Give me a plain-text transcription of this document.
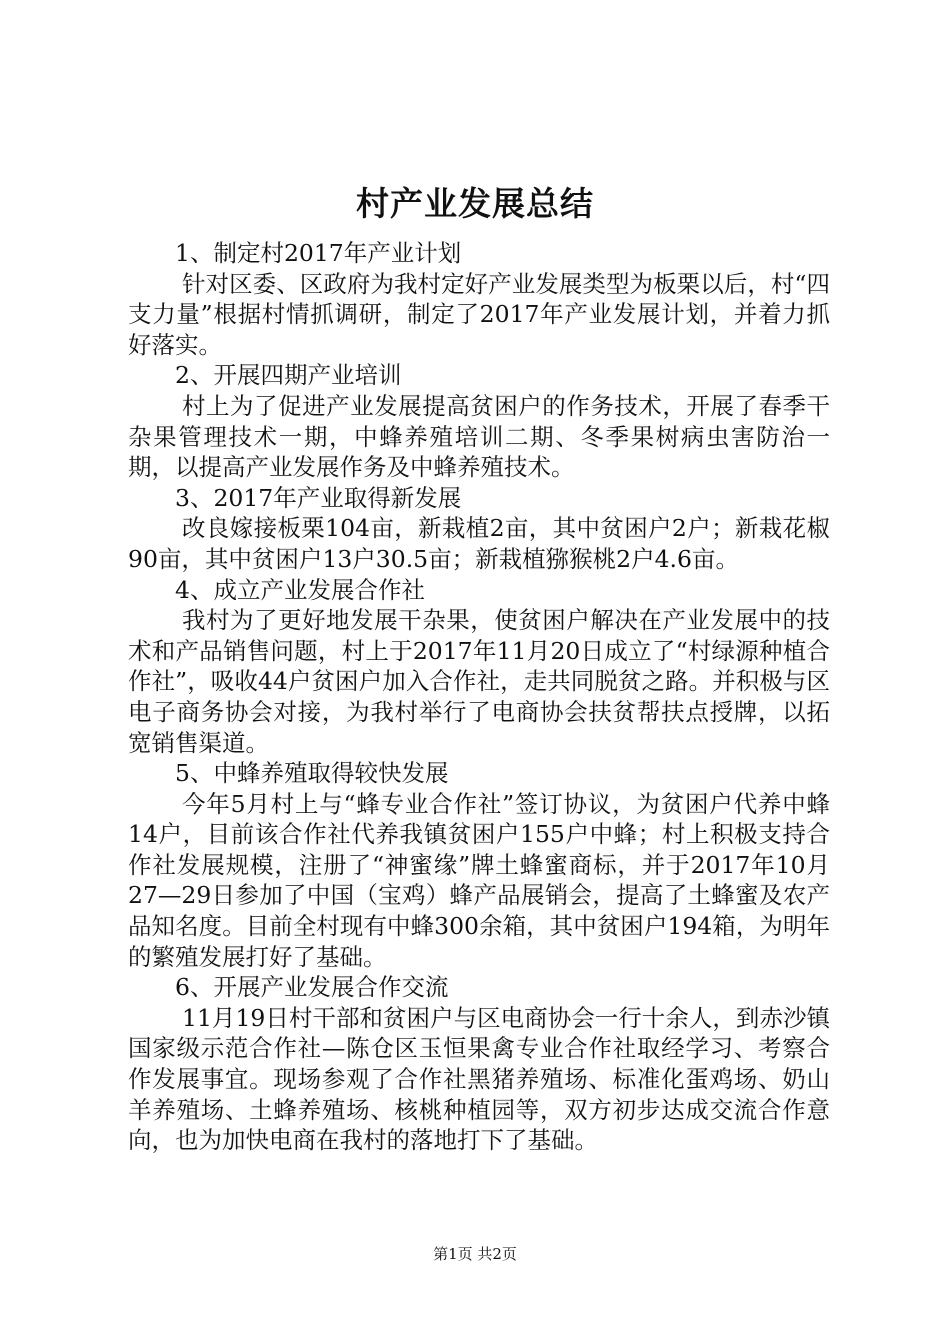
村产业发展总结

1、制定村2017年产业计划

针对区委、区政府为我村定好产业发展类型为板栗以后，村“四支力量”根据村情抓调研，制定了2017年产业发展计划，并着力抓好落实。

2、开展四期产业培训

村上为了促进产业发展提高贫困户的作务技术，开展了春季干杂果管理技术一期，中蜂养殖培训二期、冬季果树病虫害防治一期，以提高产业发展作务及中蜂养殖技术。

3、2017年产业取得新发展

改良嫁接板栗104亩，新栽植2亩，其中贫困户2户；新栽花椒90亩，其中贫困户13户30.5亩；新栽植猕猴桃2户4.6亩。

4、成立产业发展合作社

我村为了更好地发展干杂果，使贫困户解决在产业发展中的技术和产品销售问题，村上于2017年11月20日成立了“村绿源种植合作社”，吸收44户贫困户加入合作社，走共同脱贫之路。并积极与区电子商务协会对接，为我村举行了电商协会扶贫帮扶点授牌，以拓宽销售渠道。

5、中蜂养殖取得较快发展

今年5月村上与“蜂专业合作社”签订协议，为贫困户代养中蜂14户，目前该合作社代养我镇贫困户155户中蜂；村上积极支持合作社发展规模，注册了“神蜜缘”牌土蜂蜜商标，并于2017年10月27—29日参加了中国（宝鸡）蜂产品展销会，提高了土蜂蜜及农产品知名度。目前全村现有中蜂300余箱，其中贫困户194箱，为明年的繁殖发展打好了基础。

6、开展产业发展合作交流

11月19日村干部和贫困户与区电商协会一行十余人，到赤沙镇国家级示范合作社—陈仓区玉恒果禽专业合作社取经学习、考察合作发展事宜。现场参观了合作社黑猪养殖场、标准化蛋鸡场、奶山羊养殖场、土蜂养殖场、核桃种植园等，双方初步达成交流合作意向，也为加快电商在我村的落地打下了基础。

第1页 共2页
